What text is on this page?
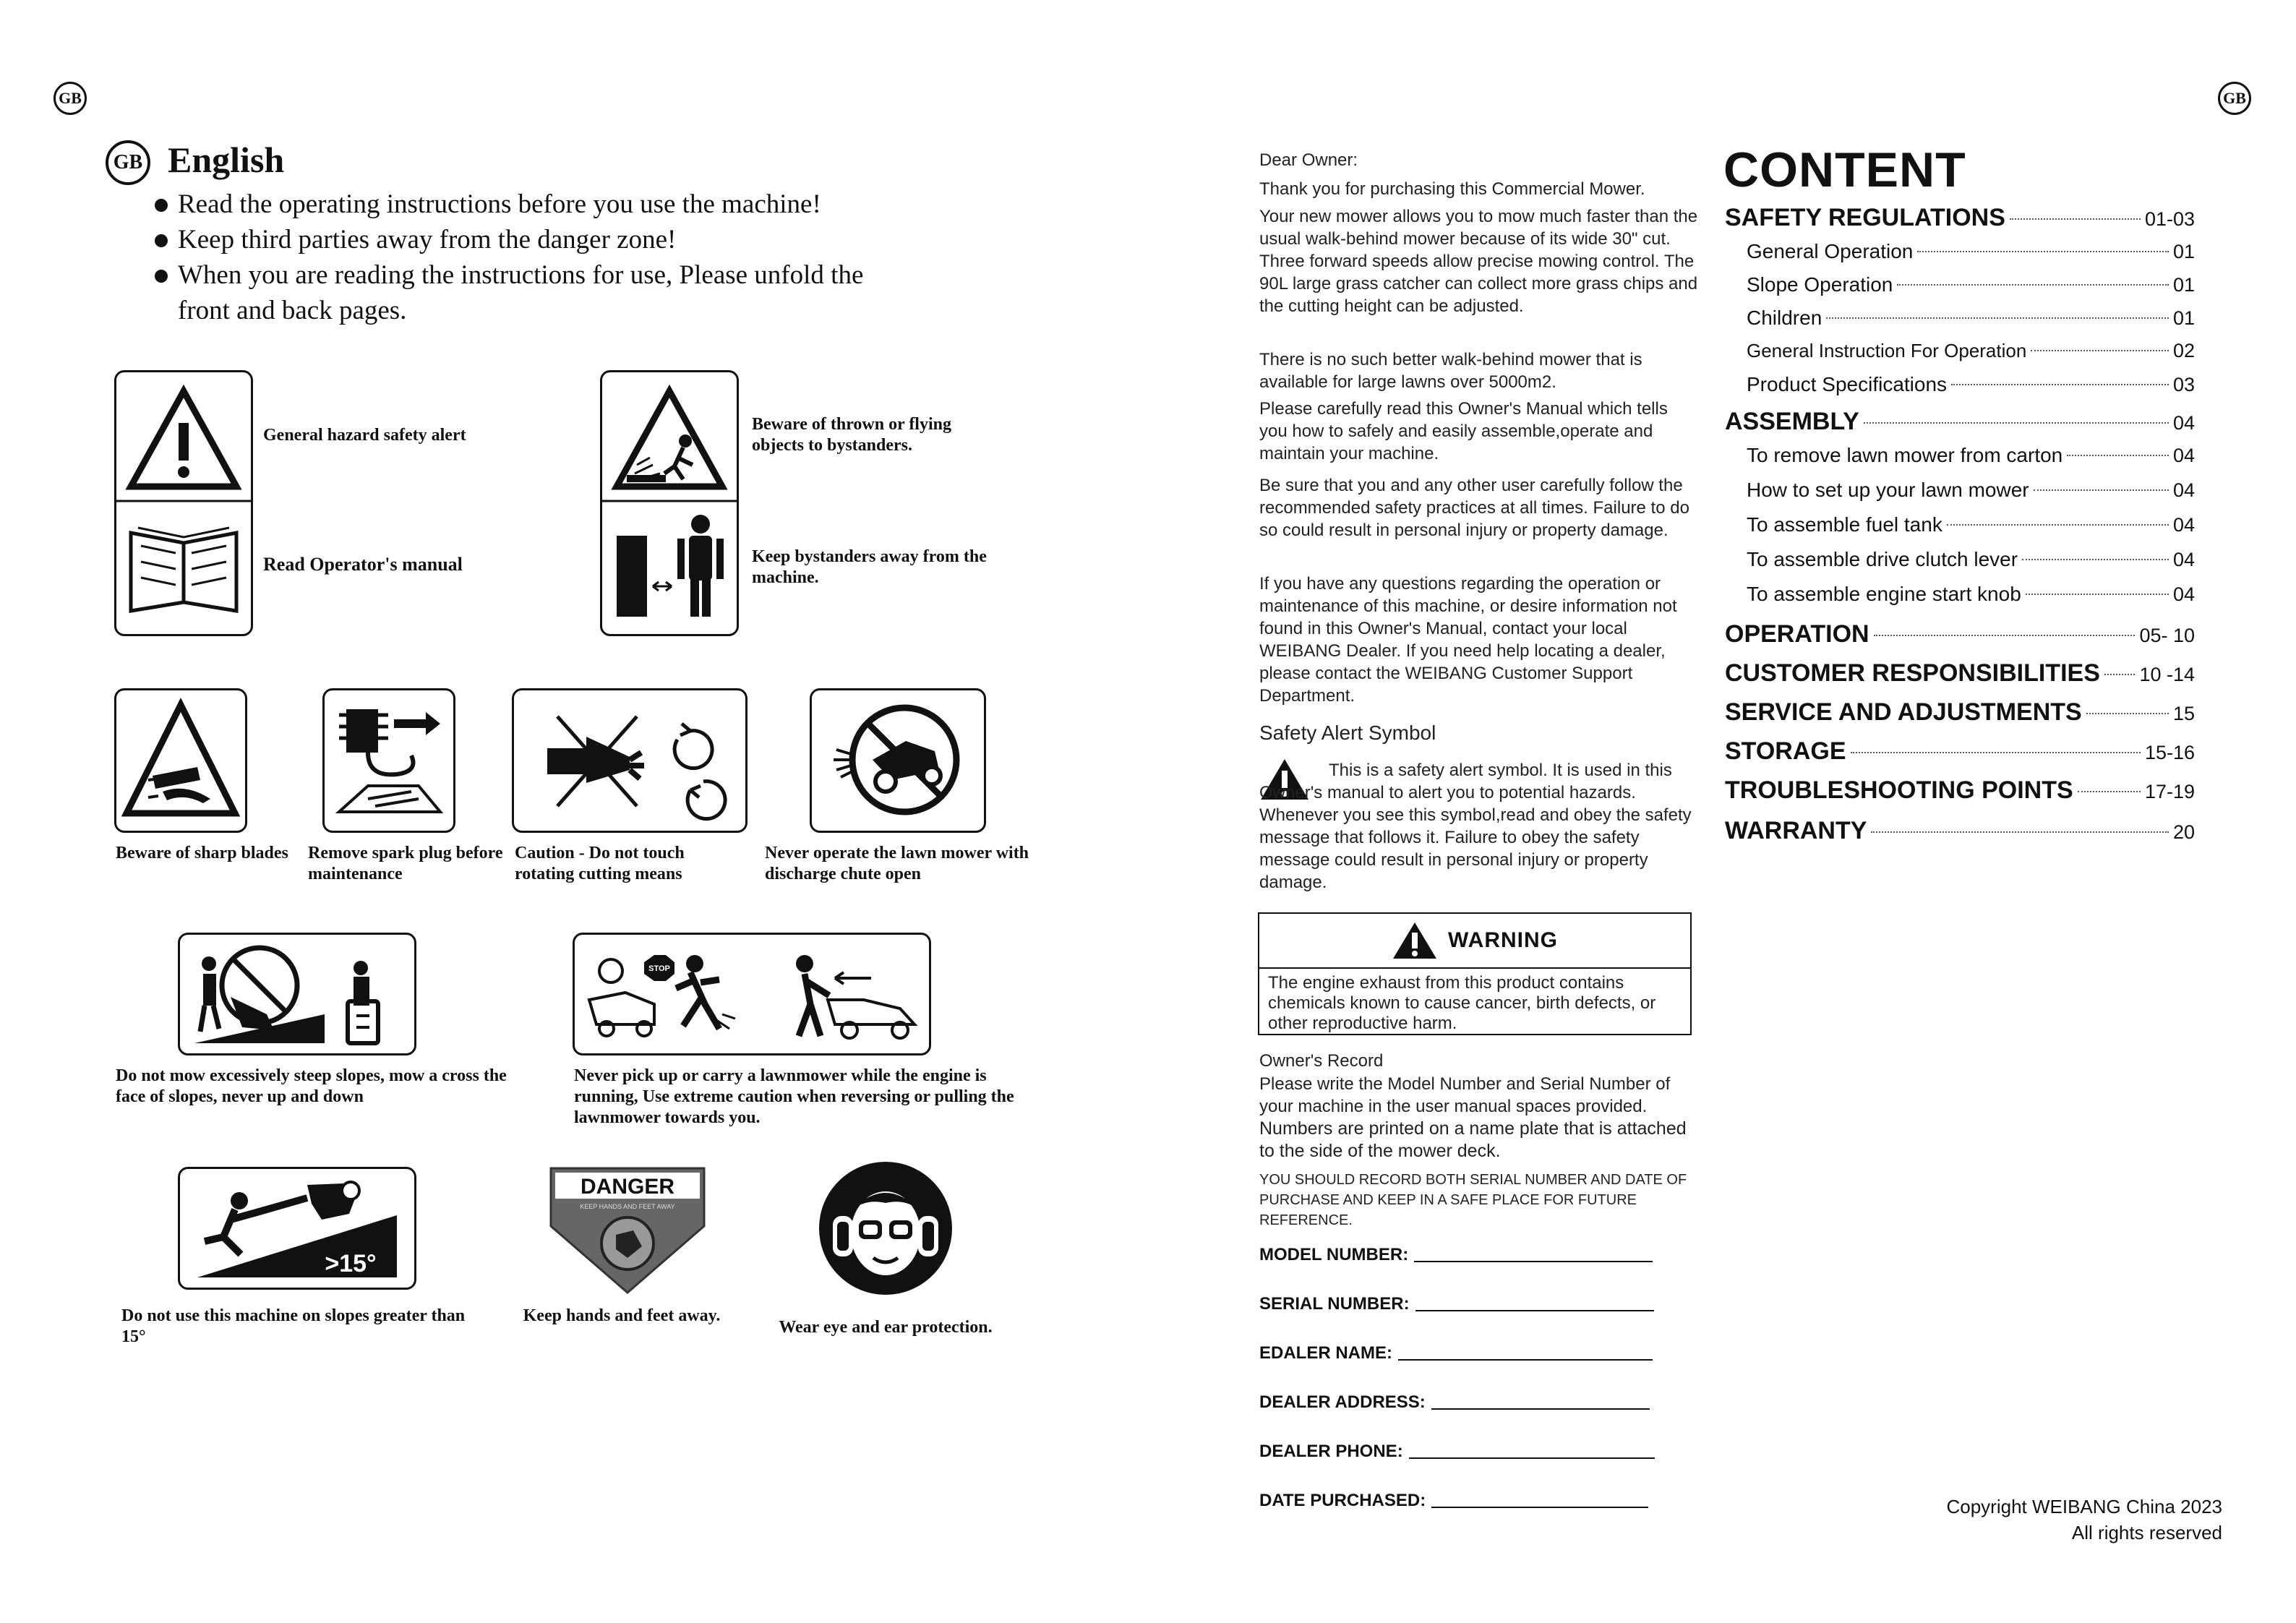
GB	GB
GB English
Read the operating instructions before you use the machine!
Keep third parties away from the danger zone!
When you are reading the instructions for use, Please unfold the front and back pages.
General hazard safety alert
Read Operator's manual
Beware of thrown or flying objects to bystanders.
Keep bystanders away from the machine.
Beware of sharp blades Remove spark plug before maintenance
Caution - Do not touch rotating cutting means
Never operate the lawn mower with discharge chute open
Do not mow excessively steep slopes, mow a cross the face of slopes, never up and down
STOP
Never pick up or carry a lawnmower while the engine is running, Use extreme caution when reversing or pulling the lawnmower towards you.
>15°
Do not use this machine on slopes greater than 15°
DANGER
KEEP HANDS AND FEET AWAY
Keep hands and feet away.
Wear eye and ear protection.
Dear Owner:
Thank you for purchasing this Commercial Mower.
Your new mower allows you to mow much faster than the usual walk-behind mower because of its wide 30" cut. Three forward speeds allow precise mowing control. The 90L large grass catcher can collect more grass chips and the cutting height can be adjusted.
There is no such better walk-behind mower that is available for large lawns over 5000m2.
Please carefully read this Owner's Manual which tells you how to safely and easily assemble,operate and maintain your machine.
Be sure that you and any other user carefully follow the recommended safety practices at all times. Failure to do so could result in personal injury or property damage.
If you have any questions regarding the operation or maintenance of this machine, or desire information not found in this Owner's Manual, contact your local WEIBANG Dealer. If you need help locating a dealer, please contact the WEIBANG Customer Support Department.
Safety Alert Symbol
This is a safety alert symbol. It is used in this Owner's manual to alert you to potential hazards. Whenever you see this symbol,read and obey the safety message that follows it. Failure to obey the safety message could result in personal injury or property damage.
WARNING
The engine exhaust from this product contains chemicals known to cause cancer, birth defects, or other reproductive harm.
Owner's Record
Please write the Model Number and Serial Number of your machine in the user manual spaces provided.
Numbers are printed on a name plate that is attached to the side of the mower deck.
YOU SHOULD RECORD BOTH SERIAL NUMBER AND DATE OF PURCHASE AND KEEP IN A SAFE PLACE FOR FUTURE REFERENCE.
MODEL NUMBER:
SERIAL NUMBER:
EDALER NAME:
DEALER ADDRESS:
DEALER PHONE:
DATE PURCHASED:
CONTENT
SAFETY REGULATIONS	01-03
General Operation	01
Slope Operation	01
Children	01
General Instruction For Operation	02
Product Specifications	03
ASSEMBLY	04
To remove lawn mower from carton	04
How to set up your lawn mower	04
To assemble fuel tank	04
To assemble drive clutch lever	04
To assemble engine start knob	04
OPERATION	05- 10
CUSTOMER RESPONSIBILITIES 10 -14
SERVICE AND ADJUSTMENTS	15
STORAGE	15-16
TROUBLESHOOTING POINTS	17-19
WARRANTY	20
Copyright WEIBANG China 2023
All rights reserved
